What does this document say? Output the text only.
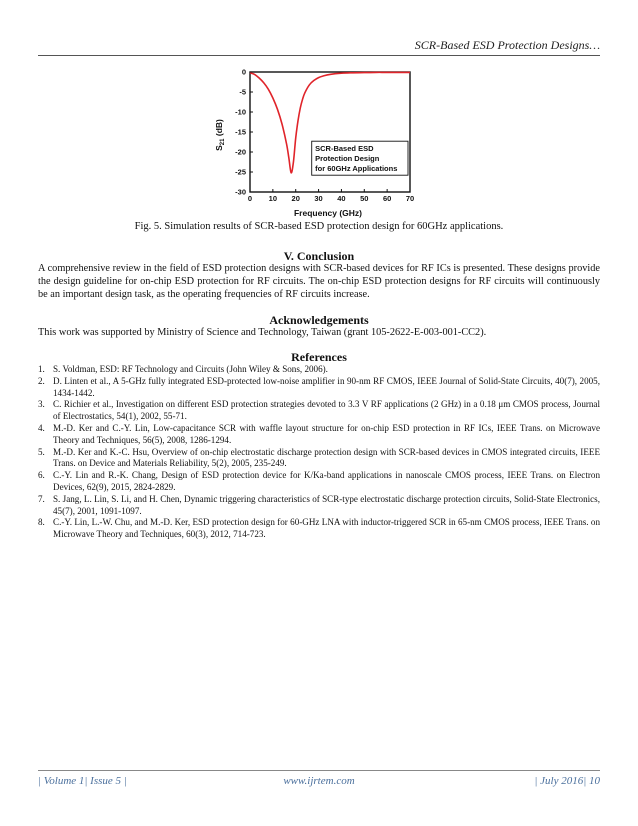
SCR-Based ESD Protection Designs…
0 10 20 30 40 50 60 70
0
-5
-10
-15
-20
-25
-30
SCR-Based ESD
Protection Design
for 60GHz Applications
Frequency (GHz)
$S_{21}$ (dB)
Fig. 5. Simulation results of SCR-based ESD protection design for 60GHz applications.
V. Conclusion

A comprehensive review in the field of ESD protection designs with SCR-based devices for RF ICs is presented. These designs provide the design guideline for on-chip ESD protection for RF circuits. The on-chip ESD protection designs for RF circuits will continuously be an important design task, as the operating frequencies of RF circuits increase.

Acknowledgements

This work was supported by Ministry of Science and Technology, Taiwan (grant 105-2622-E-003-001-CC2).

References
1. S. Voldman, ESD: RF Technology and Circuits (John Wiley & Sons, 2006).
2. D. Linten et al., A 5-GHz fully integrated ESD-protected low-noise amplifier in 90-nm RF CMOS, IEEE Journal of Solid-State Circuits, 40(7), 2005, 1434-1442.
3. C. Richier et al., Investigation on different ESD protection strategies devoted to 3.3 V RF applications (2 GHz) in a 0.18 μm CMOS process, Journal of Electrostatics, 54(1), 2002, 55-71.
4. M.-D. Ker and C.-Y. Lin, Low-capacitance SCR with waffle layout structure for on-chip ESD protection in RF ICs, IEEE Trans. on Microwave Theory and Techniques, 56(5), 2008, 1286-1294.
5. M.-D. Ker and K.-C. Hsu, Overview of on-chip electrostatic discharge protection design with SCR-based devices in CMOS integrated circuits, IEEE Trans. on Device and Materials Reliability, 5(2), 2005, 235-249.
6. C.-Y. Lin and R.-K. Chang, Design of ESD protection device for K/Ka-band applications in nanoscale CMOS process, IEEE Trans. on Electron Devices, 62(9), 2015, 2824-2829.
7. S. Jang, L. Lin, S. Li, and H. Chen, Dynamic triggering characteristics of SCR-type electrostatic discharge protection circuits, Solid-State Electronics, 45(7), 2001, 1091-1097.
8. C.-Y. Lin, L.-W. Chu, and M.-D. Ker, ESD protection design for 60-GHz LNA with inductor-triggered SCR in 65-nm CMOS process, IEEE Trans. on Microwave Theory and Techniques, 60(3), 2012, 714-723.
| Volume 1| Issue 5 |	www.ijrtem.com	| July 2016| 10
